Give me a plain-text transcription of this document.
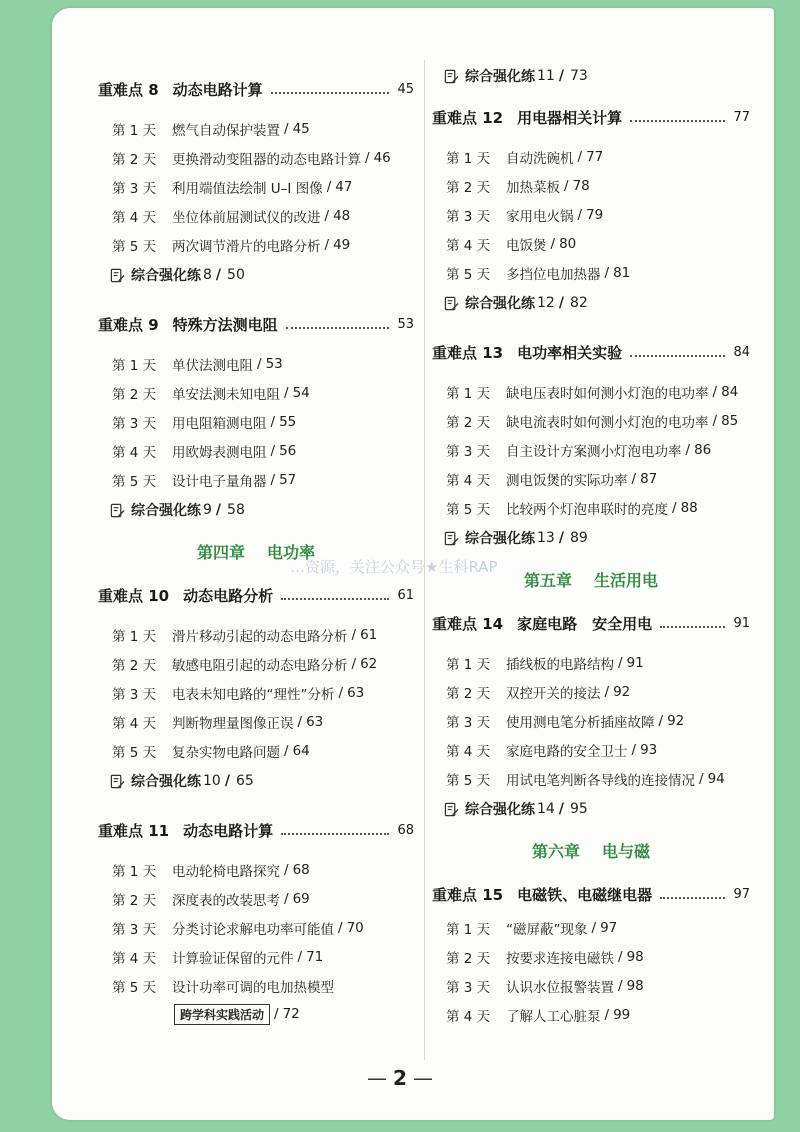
重难点 8 动态电路计算	45
第 1 天	燃气自动保护装置 / 45
第 2 天	更换滑动变阻器的动态电路计算 / 46
第 3 天	利用端值法绘制 U–I 图像 / 47
第 4 天	坐位体前屈测试仪的改进 / 48
第 5 天	两次调节滑片的电路分析 / 49
综合强化练 8 / 50
重难点 9 特殊方法测电阻	53
第 1 天	单伏法测电阻 / 53
第 2 天	单安法测未知电阻 / 54
第 3 天	用电阻箱测电阻 / 55
第 4 天	用欧姆表测电阻 / 56
第 5 天	设计电子量角器 / 57
综合强化练 9 / 58
第四章 电功率
重难点 10 动态电路分析	61
第 1 天	滑片移动引起的动态电路分析 / 61
第 2 天	敏感电阻引起的动态电路分析 / 62
第 3 天	电表未知电路的“理性”分析 / 63
第 4 天	判断物理量图像正误 / 63
第 5 天	复杂实物电路问题 / 64
综合强化练 10 / 65
重难点 11 动态电路计算	68
第 1 天	电动轮椅电路探究 / 68
第 2 天	深度表的改装思考 / 69
第 3 天	分类讨论求解电功率可能值 / 70
第 4 天	计算验证保留的元件 / 71
第 5 天	设计功率可调的电加热模型
跨学科实践活动 / 72
综合强化练 11 / 73
重难点 12 用电器相关计算	77
第 1 天	自动洗碗机 / 77
第 2 天	加热菜板 / 78
第 3 天	家用电火锅 / 79
第 4 天	电饭煲 / 80
第 5 天	多挡位电加热器 / 81
综合强化练 12 / 82
重难点 13 电功率相关实验	84
第 1 天	缺电压表时如何测小灯泡的电功率 / 84
第 2 天	缺电流表时如何测小灯泡的电功率 / 85
第 3 天	自主设计方案测小灯泡电功率 / 86
第 4 天	测电饭煲的实际功率 / 87
第 5 天	比较两个灯泡串联时的亮度 / 88
综合强化练 13 / 89
第五章 生活用电
重难点 14 家庭电路　安全用电	91
第 1 天	插线板的电路结构 / 91
第 2 天	双控开关的接法 / 92
第 3 天	使用测电笔分析插座故障 / 92
第 4 天	家庭电路的安全卫士 / 93
第 5 天	用试电笔判断各导线的连接情况 / 94
综合强化练 14 / 95
第六章 电与磁
重难点 15 电磁铁、电磁继电器	97
第 1 天	“磁屏蔽”现象 / 97
第 2 天	按要求连接电磁铁 / 98
第 3 天	认识水位报警装置 / 98
第 4 天	了解人工心脏泵 / 99
…资源，关注公众号★生科RAP
— 2 —
